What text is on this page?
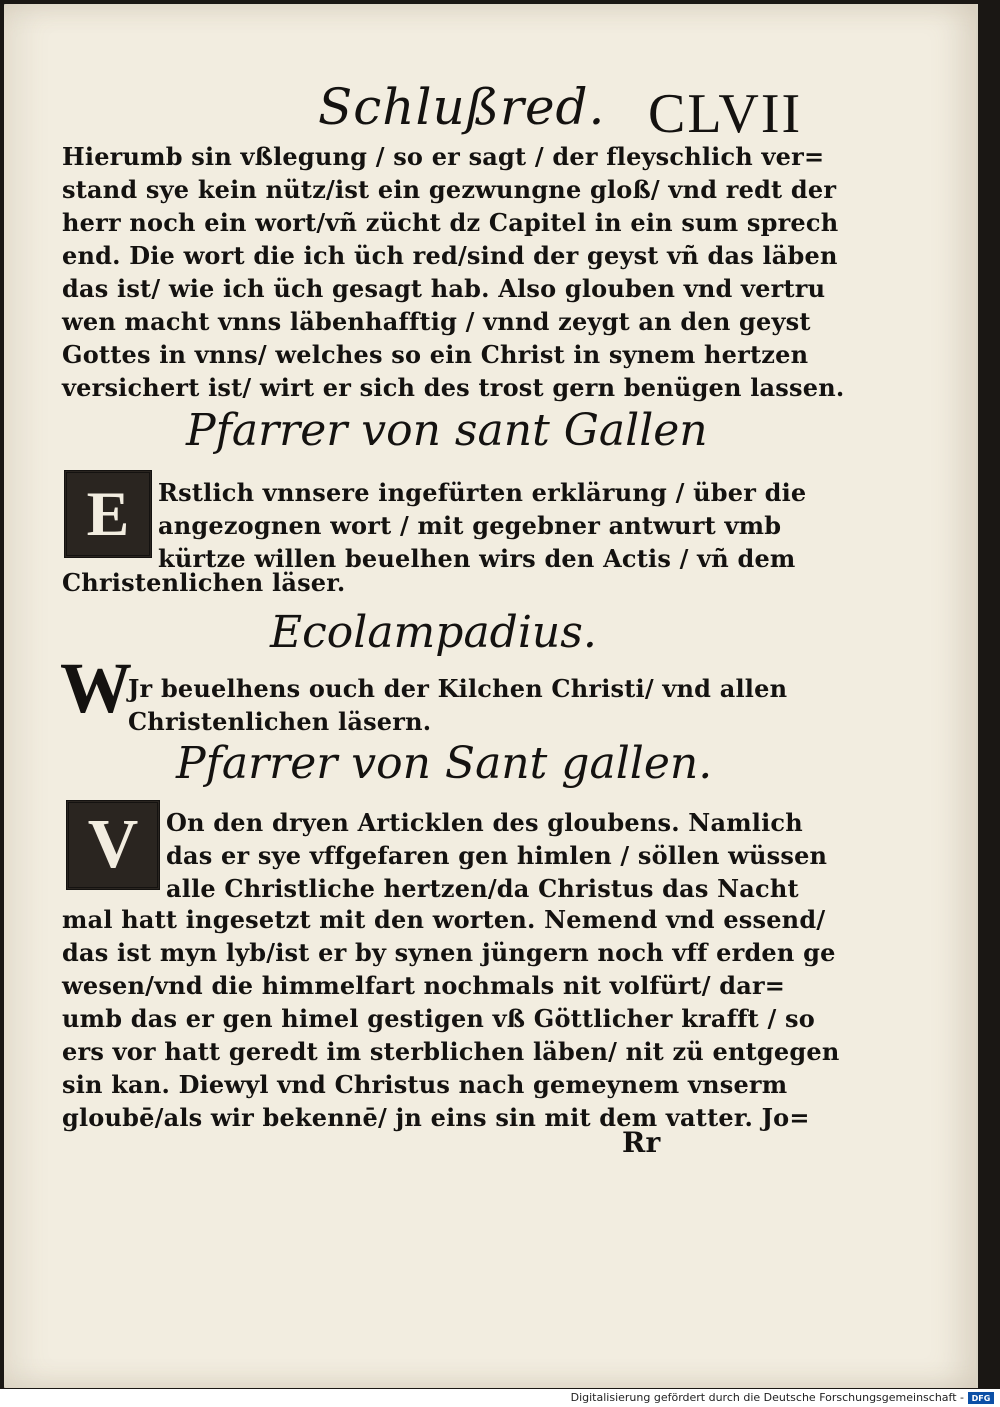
Schlußred. CLVII
Hierumb sin vßlegung / so er sagt / der fleyschlich ver=
stand sye kein nütz/ist ein gezwungne gloß/ vnd redt der
herr noch ein wort/vñ zücht dz Capitel in ein sum sprech
end. Die wort die ich üch red/sind der geyst vñ das läben
das ist/ wie ich üch gesagt hab. Also glouben vnd vertru
wen macht vnns läbenhafftig / vnnd zeygt an den geyst
Gottes in vnns/ welches so ein Christ in synem hertzen
versichert ist/ wirt er sich des trost gern benügen lassen.
Pfarrer von sant Gallen
E	Rstlich vnnsere ingefürten erklärung / über die
angezognen wort / mit gegebner antwurt vmb
kürtze willen beuelhen wirs den Actis / vñ dem
Christenlichen läser.
Ecolampadius.
W
Jr beuelhens ouch der Kilchen Christi/ vnd allen
Christenlichen läsern.
Pfarrer von Sant gallen.
V	On den dryen Articklen des gloubens. Namlich
das er sye vffgefaren gen himlen / söllen wüssen
alle Christliche hertzen/da Christus das Nacht
mal hatt ingesetzt mit den worten. Nemend vnd essend/
das ist myn lyb/ist er by synen jüngern noch vff erden ge
wesen/vnd die himmelfart nochmals nit volfürt/ dar=
umb das er gen himel gestigen vß Göttlicher krafft / so
ers vor hatt geredt im sterblichen läben/ nit zü entgegen
sin kan. Diewyl vnd Christus nach gemeynem vnserm
gloubē/als wir bekennē/ jn eins sin mit dem vatter. Jo=
Rr
Digitalisierung gefördert durch die Deutsche Forschungsgemeinschaft - DFG
